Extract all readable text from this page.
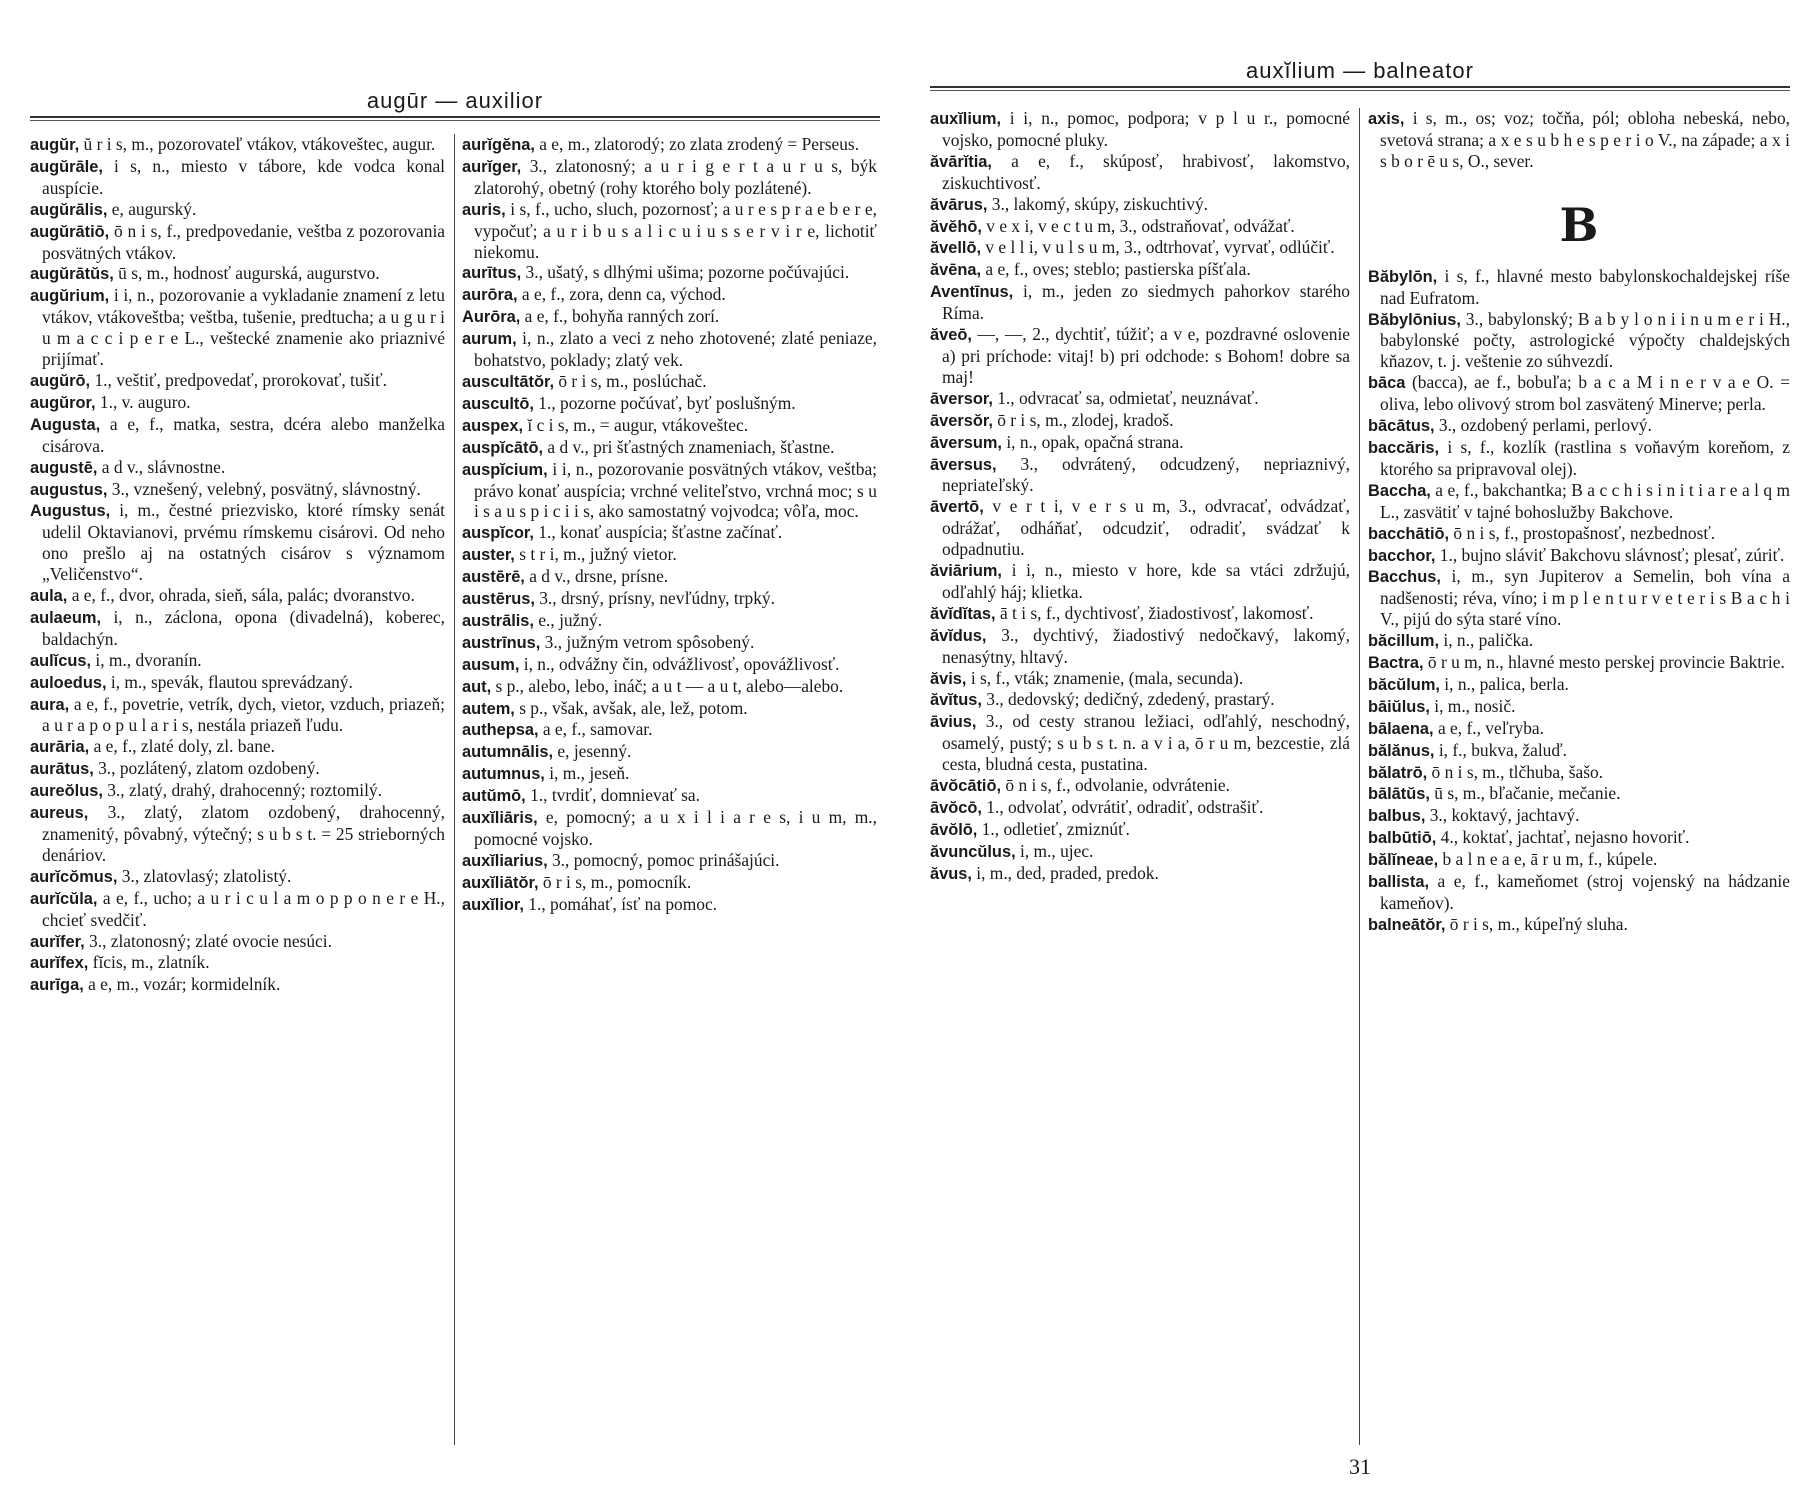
augūr — auxilior

augŭr, ŭ r i s, m., pozorovateľ vtákov, vtákoveštec, augur.

augŭrāle, i s, n., miesto v tábore, kde vodca konal auspície.

augŭrālis, e, augurský.

augŭrātiō, ō n i s, f., predpovedanie, veštba z pozorovania posvätných vtákov.

augŭrātŭs, ū s, m., hodnosť augurská, augurstvo.

augŭrium, i i, n., pozorovanie a vykladanie znamení z letu vtákov, vtákoveštba; veštba, tušenie, predtucha; a u g u r i u m a c c i p e r e L., veštecké znamenie ako priaznivé prijímať.

augŭrō, 1., veštiť, predpovedať, prorokovať, tušiť.

augŭror, 1., v. auguro.

Augusta, a e, f., matka, sestra, dcéra alebo manželka cisárova.

augustē, a d v., slávnostne.

augustus, 3., vznešený, velebný, posvätný, slávnostný.

Augustus, i, m., čestné priezvisko, ktoré rímsky senát udelil Oktavianovi, prvému rímskemu cisárovi. Od neho ono prešlo aj na ostatných cisárov s významom „Veličenstvo“.

aula, a e, f., dvor, ohrada, sieň, sála, palác; dvoranstvo.

aulaeum, i, n., záclona, opona (divadelná), koberec, baldachýn.

aulĭcus, i, m., dvoranín.

auloedus, i, m., spevák, flautou sprevádzaný.

aura, a e, f., povetrie, vetrík, dych, vietor, vzduch, priazeň; a u r a p o p u l a r i s, nestála priazeň ľudu.

aurāria, a e, f., zlaté doly, zl. bane.

aurātus, 3., pozlátený, zlatom ozdobený.

aureŏlus, 3., zlatý, drahý, drahocenný; roztomilý.

aureus, 3., zlatý, zlatom ozdobený, drahocenný, znamenitý, pôvabný, výtečný; s u b s t. = 25 strieborných denáriov.

aurĭcŏmus, 3., zlatovlasý; zlatolistý.

aurĭcŭla, a e, f., ucho; a u r i c u l a m o p p o n e r e H., chcieť svedčiť.

aurĭfer, 3., zlatonosný; zlaté ovocie nesúci.

aurĭfex, fĭcis, m., zlatník.

aurīga, a e, m., vozár; kormidelník.

aurĭgĕna, a e, m., zlatorodý; zo zlata zrodený = Perseus.

aurĭger, 3., zlatonosný; a u r i g e r t a u r u s, býk zlatorohý, obetný (rohy ktorého boly pozlátené).

auris, i s, f., ucho, sluch, pozornosť; a u r e s p r a e b e r e, vypočuť; a u r i b u s a l i c u i u s s e r v i r e, lichotiť niekomu.

aurītus, 3., ušatý, s dlhými ušima; pozorne počúvajúci.

aurōra, a e, f., zora, denn ca, východ.

Aurōra, a e, f., bohyňa ranných zorí.

aurum, i, n., zlato a veci z neho zhotovené; zlaté peniaze, bohatstvo, poklady; zlatý vek.

auscultātŏr, ō r i s, m., poslúchač.

auscultō, 1., pozorne počúvať, byť poslušným.

auspex, ĭ c i s, m., = augur, vtákoveštec.

auspĭcātō, a d v., pri šťastných znameniach, šťastne.

auspĭcium, i i, n., pozorovanie posvätných vtákov, veštba; právo konať auspícia; vrchné veliteľstvo, vrchná moc; s u i s a u s p i c i i s, ako samostatný vojvodca; vôľa, moc.

auspĭcor, 1., konať auspícia; šťastne začínať.

auster, s t r i, m., južný vietor.

austērē, a d v., drsne, prísne.

austērus, 3., drsný, prísny, nevľúdny, trpký.

austrālis, e., južný.

austrīnus, 3., južným vetrom spôsobený.

ausum, i, n., odvážny čin, odvážlivosť, opovážlivosť.

aut, s p., alebo, lebo, ináč; a u t — a u t, alebo—alebo.

autem, s p., však, avšak, ale, lež, potom.

authepsa, a e, f., samovar.

autumnālis, e, jesenný.

autumnus, i, m., jeseň.

autŭmō, 1., tvrdiť, domnievať sa.

auxĭliāris, e, pomocný; a u x i l i a r e s, i u m, m., pomocné vojsko.

auxĭliarius, 3., pomocný, pomoc prinášajúci.

auxĭliātŏr, ō r i s, m., pomocník.

auxĭlior, 1., pomáhať, ísť na pomoc.

auxĭlium — balneator

auxĭlium, i i, n., pomoc, podpora; v p l u r., pomocné vojsko, pomocné pluky.

ăvārĭtia, a e, f., skúposť, hrabivosť, lakomstvo, ziskuchtivosť.

ăvārus, 3., lakomý, skúpy, ziskuchtivý.

ăvĕhō, v e x i, v e c t u m, 3., odstraňovať, odvážať.

ăvellō, v e l l i, v u l s u m, 3., odtrhovať, vyrvať, odlúčiť.

ăvēna, a e, f., oves; steblo; pastierska píšťala.

Aventīnus, i, m., jeden zo siedmych pahorkov starého Ríma.

ăveō, —, —, 2., dychtiť, túžiť; a v e, pozdravné oslovenie a) pri príchode: vitaj! b) pri odchode: s Bohom! dobre sa maj!

āversor, 1., odvracať sa, odmietať, neuznávať.

āversŏr, ō r i s, m., zlodej, kradoš.

āversum, i, n., opak, opačná strana.

āversus, 3., odvrátený, odcudzený, nepriaznivý, nepriateľský.

āvertō, v e r t i, v e r s u m, 3., odvracať, odvádzať, odrážať, odháňať, odcudziť, odradiť, svádzať k odpadnutiu.

ăviārium, i i, n., miesto v hore, kde sa vtáci zdržujú, odľahlý háj; klietka.

ăvĭdĭtas, ā t i s, f., dychtivosť, žiadostivosť, lakomosť.

ăvĭdus, 3., dychtivý, žiadostivý nedočkavý, lakomý, nenasýtny, hltavý.

ăvis, i s, f., vták; znamenie, (mala, secunda).

ăvĭtus, 3., dedovský; dedičný, zdedený, prastarý.

āvius, 3., od cesty stranou ležiaci, odľahlý, neschodný, osamelý, pustý; s u b s t. n. a v i a, ō r u m, bezcestie, zlá cesta, bludná cesta, pustatina.

āvŏcātiō, ō n i s, f., odvolanie, odvrátenie.

āvŏcō, 1., odvolať, odvrátiť, odradiť, odstrašiť.

āvŏlō, 1., odletieť, zmiznúť.

ăvuncŭlus, i, m., ujec.

ăvus, i, m., ded, praded, predok.

axis, i s, m., os; voz; točňa, pól; obloha nebeská, nebo, svetová strana; a x e s u b h e s p e r i o V., na západe; a x i s b o r ē u s, O., sever.

B

Băbylōn, i s, f., hlavné mesto babylonskochaldejskej ríše nad Eufratom.

Băbylōnius, 3., babylonský; B a b y l o n i i n u m e r i H., babylonské počty, astrologické výpočty chaldejských kňazov, t. j. veštenie zo súhvezdí.

bāca (bacca), ae f., bobuľa; b a c a M i n e r v a e O. = oliva, lebo olivový strom bol zasvätený Minerve; perla.

bācātus, 3., ozdobený perlami, perlový.

baccăris, i s, f., kozlík (rastlina s voňavým koreňom, z ktorého sa pripravoval olej).

Baccha, a e, f., bakchantka; B a c c h i s i n i t i a r e a l q m L., zasvätiť v tajné bohoslužby Bakchove.

bacchātiō, ō n i s, f., prostopašnosť, nezbednosť.

bacchor, 1., bujno sláviť Bakchovu slávnosť; plesať, zúriť.

Bacchus, i, m., syn Jupiterov a Semelin, boh vína a nadšenosti; réva, víno; i m p l e n t u r v e t e r i s B a c h i V., pijú do sýta staré víno.

băcillum, i, n., palička.

Bactra, ō r u m, n., hlavné mesto perskej provincie Baktrie.

băcŭlum, i, n., palica, berla.

bāiŭlus, i, m., nosič.

bālaena, a e, f., veľryba.

bălănus, i, f., bukva, žaluď.

bălatrō, ō n i s, m., tlčhuba, šašo.

bālātŭs, ū s, m., bľačanie, mečanie.

balbus, 3., koktavý, jachtavý.

balbūtiō, 4., koktať, jachtať, nejasno hovoriť.

bălĭneae, b a l n e a e, ā r u m, f., kúpele.

ballista, a e, f., kameňomet (stroj vojenský na hádzanie kameňov).

balneātŏr, ō r i s, m., kúpeľný sluha.

31
